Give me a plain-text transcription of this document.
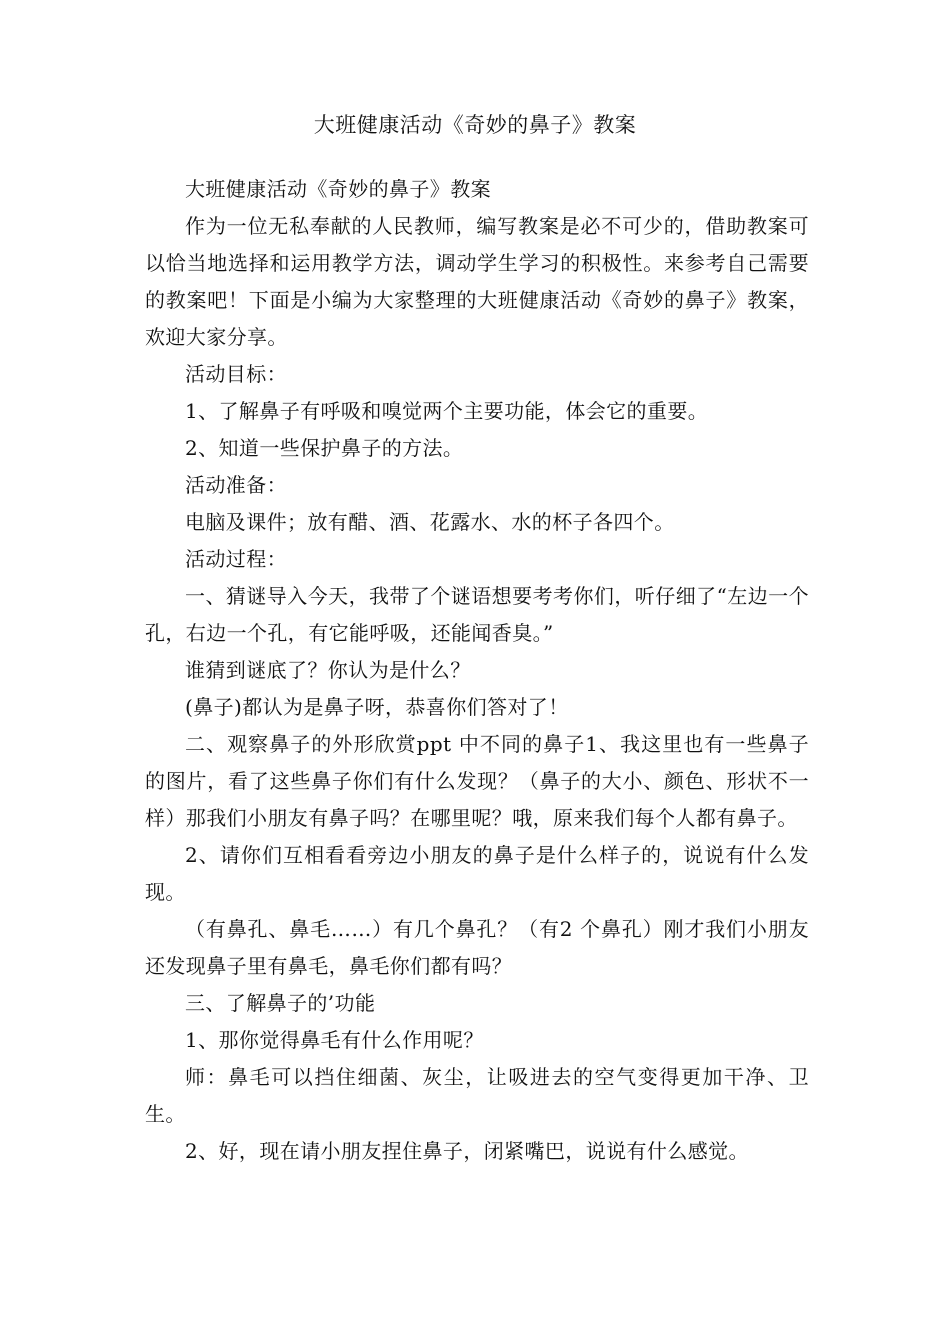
大班健康活动《奇妙的鼻子》教案

大班健康活动《奇妙的鼻子》教案

作为一位无私奉献的人民教师，编写教案是必不可少的，借助教案可以恰当地选择和运用教学方法，调动学生学习的积极性。来参考自己需要的教案吧！下面是小编为大家整理的大班健康活动《奇妙的鼻子》教案，欢迎大家分享。

活动目标：

1、了解鼻子有呼吸和嗅觉两个主要功能，体会它的重要。

2、知道一些保护鼻子的方法。

活动准备：

电脑及课件；放有醋、酒、花露水、水的杯子各四个。

活动过程：

一、猜谜导入今天，我带了个谜语想要考考你们，听仔细了“左边一个孔，右边一个孔，有它能呼吸，还能闻香臭。”

谁猜到谜底了？你认为是什么？

(鼻子)都认为是鼻子呀，恭喜你们答对了！

二、观察鼻子的外形欣赏ppt 中不同的鼻子1、我这里也有一些鼻子的图片，看了这些鼻子你们有什么发现？（鼻子的大小、颜色、形状不一样）那我们小朋友有鼻子吗？在哪里呢？哦，原来我们每个人都有鼻子。

2、请你们互相看看旁边小朋友的鼻子是什么样子的，说说有什么发现。

（有鼻孔、鼻毛……）有几个鼻孔？（有2 个鼻孔）刚才我们小朋友还发现鼻子里有鼻毛，鼻毛你们都有吗？

三、了解鼻子的’功能

1、那你觉得鼻毛有什么作用呢？

师：鼻毛可以挡住细菌、灰尘，让吸进去的空气变得更加干净、卫生。

2、好，现在请小朋友捏住鼻子，闭紧嘴巴，说说有什么感觉。
